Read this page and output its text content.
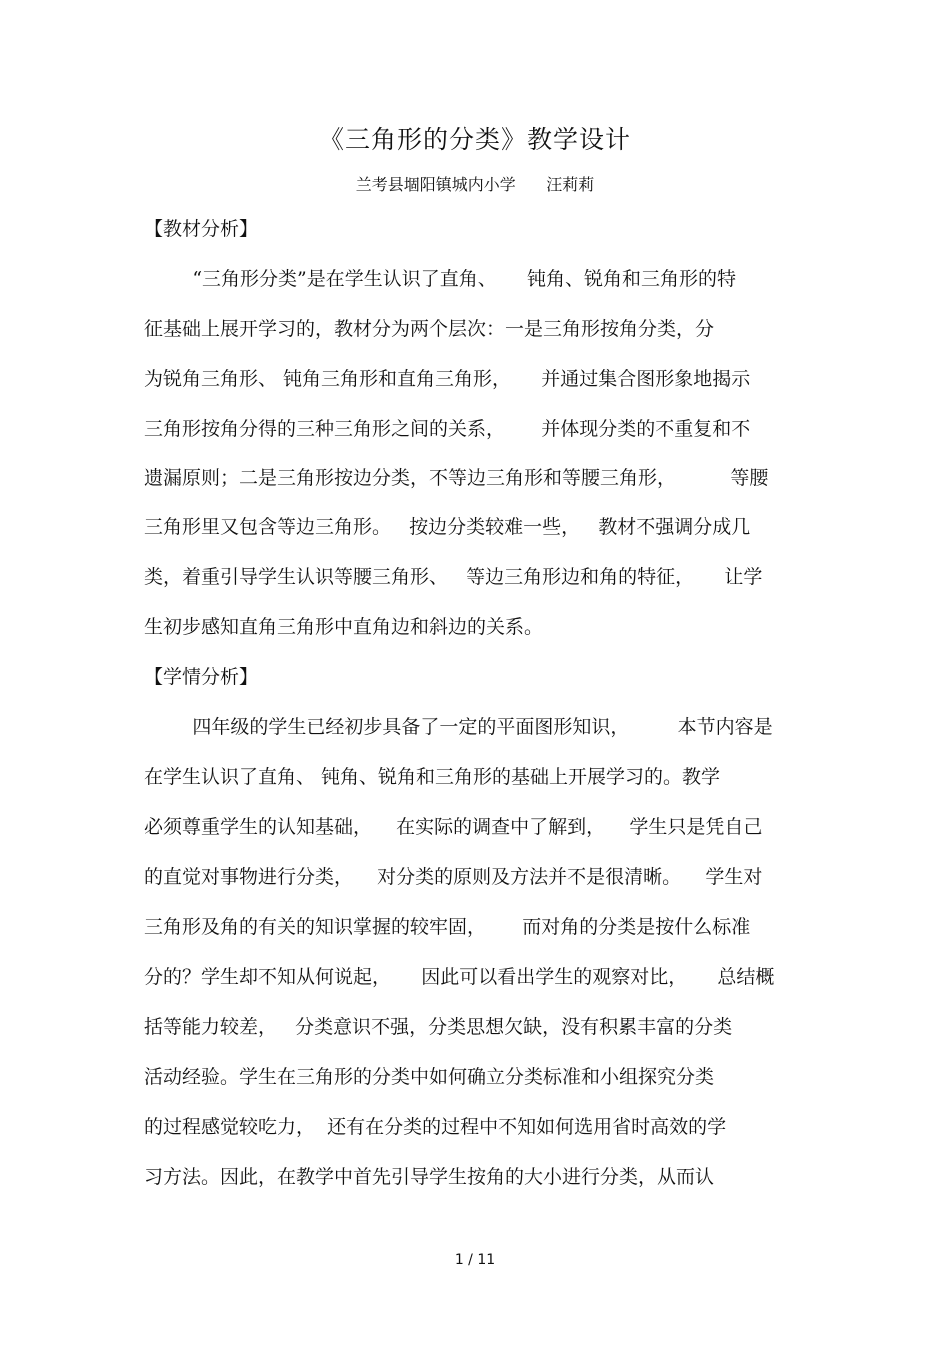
《三角形的分类》教学设计
兰考县堌阳镇城内小学      汪莉莉
【教材分析】
“三角形分类”是在学生认识了直角、     钝角、锐角和三角形的特
征基础上展开学习的，教材分为两个层次：一是三角形按角分类，分
为锐角三角形、 钝角三角形和直角三角形，     并通过集合图形象地揭示
三角形按角分得的三种三角形之间的关系，      并体现分类的不重复和不
遗漏原则；二是三角形按边分类，不等边三角形和等腰三角形，         等腰
三角形里又包含等边三角形。   按边分类较难一些，   教材不强调分成几
类，着重引导学生认识等腰三角形、   等边三角形边和角的特征，     让学
生初步感知直角三角形中直角边和斜边的关系。
【学情分析】
四年级的学生已经初步具备了一定的平面图形知识，        本节内容是
在学生认识了直角、 钝角、锐角和三角形的基础上开展学习的。教学
必须尊重学生的认知基础，    在实际的调查中了解到，    学生只是凭自己
的直觉对事物进行分类，    对分类的原则及方法并不是很清晰。    学生对
三角形及角的有关的知识掌握的较牢固，      而对角的分类是按什么标准
分的？学生却不知从何说起，     因此可以看出学生的观察对比，     总结概
括等能力较差，   分类意识不强，分类思想欠缺，没有积累丰富的分类
活动经验。学生在三角形的分类中如何确立分类标准和小组探究分类
的过程感觉较吃力，  还有在分类的过程中不知如何选用省时高效的学
习方法。因此，在教学中首先引导学生按角的大小进行分类，从而认
1 / 11
